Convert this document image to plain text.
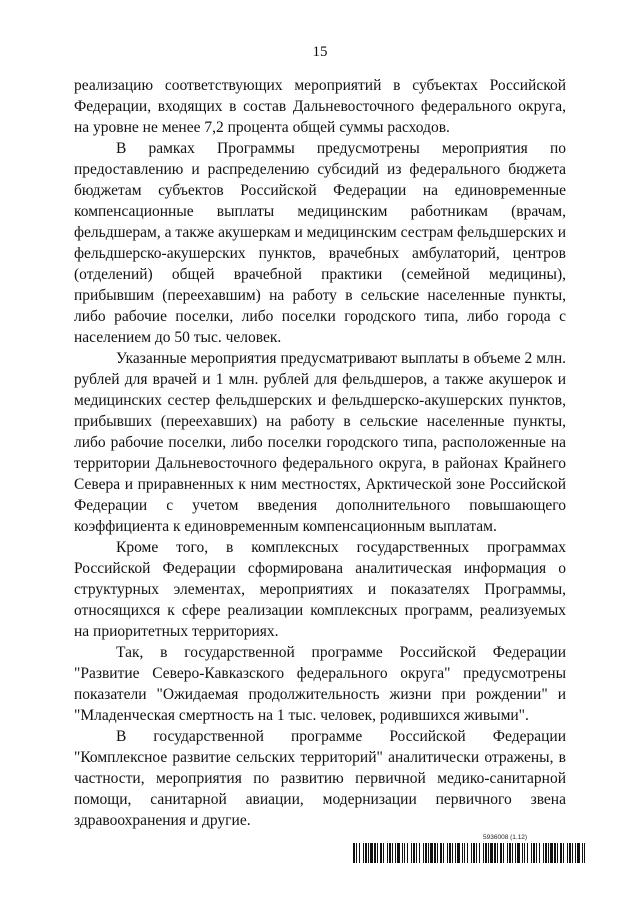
15

реализацию соответствующих мероприятий в субъектах Российской Федерации, входящих в состав Дальневосточного федерального округа, на уровне не менее 7,2 процента общей суммы расходов.

В рамках Программы предусмотрены мероприятия по предоставлению и распределению субсидий из федерального бюджета бюджетам субъектов Российской Федерации на единовременные компенсационные выплаты медицинским работникам (врачам, фельдшерам, а также акушеркам и медицинским сестрам фельдшерских и фельдшерско-акушерских пунктов, врачебных амбулаторий, центров (отделений) общей врачебной практики (семейной медицины), прибывшим (переехавшим) на работу в сельские населенные пункты, либо рабочие поселки, либо поселки городского типа, либо города с населением до 50 тыс. человек.

Указанные мероприятия предусматривают выплаты в объеме 2 млн. рублей для врачей и 1 млн. рублей для фельдшеров, а также акушерок и медицинских сестер фельдшерских и фельдшерско-акушерских пунктов, прибывших (переехавших) на работу в сельские населенные пункты, либо рабочие поселки, либо поселки городского типа, расположенные на территории Дальневосточного федерального округа, в районах Крайнего Севера и приравненных к ним местностях, Арктической зоне Российской Федерации с учетом введения дополнительного повышающего коэффициента к единовременным компенсационным выплатам.

Кроме того, в комплексных государственных программах Российской Федерации сформирована аналитическая информация о структурных элементах, мероприятиях и показателях Программы, относящихся к сфере реализации комплексных программ, реализуемых на приоритетных территориях.

Так, в государственной программе Российской Федерации "Развитие Северо-Кавказского федерального округа" предусмотрены показатели "Ожидаемая продолжительность жизни при рождении" и "Младенческая смертность на 1 тыс. человек, родившихся живыми".

В государственной программе Российской Федерации "Комплексное развитие сельских территорий" аналитически отражены, в частности, мероприятия по развитию первичной медико-санитарной помощи, санитарной авиации, модернизации первичного звена здравоохранения и другие.

5936008 (1.12)
